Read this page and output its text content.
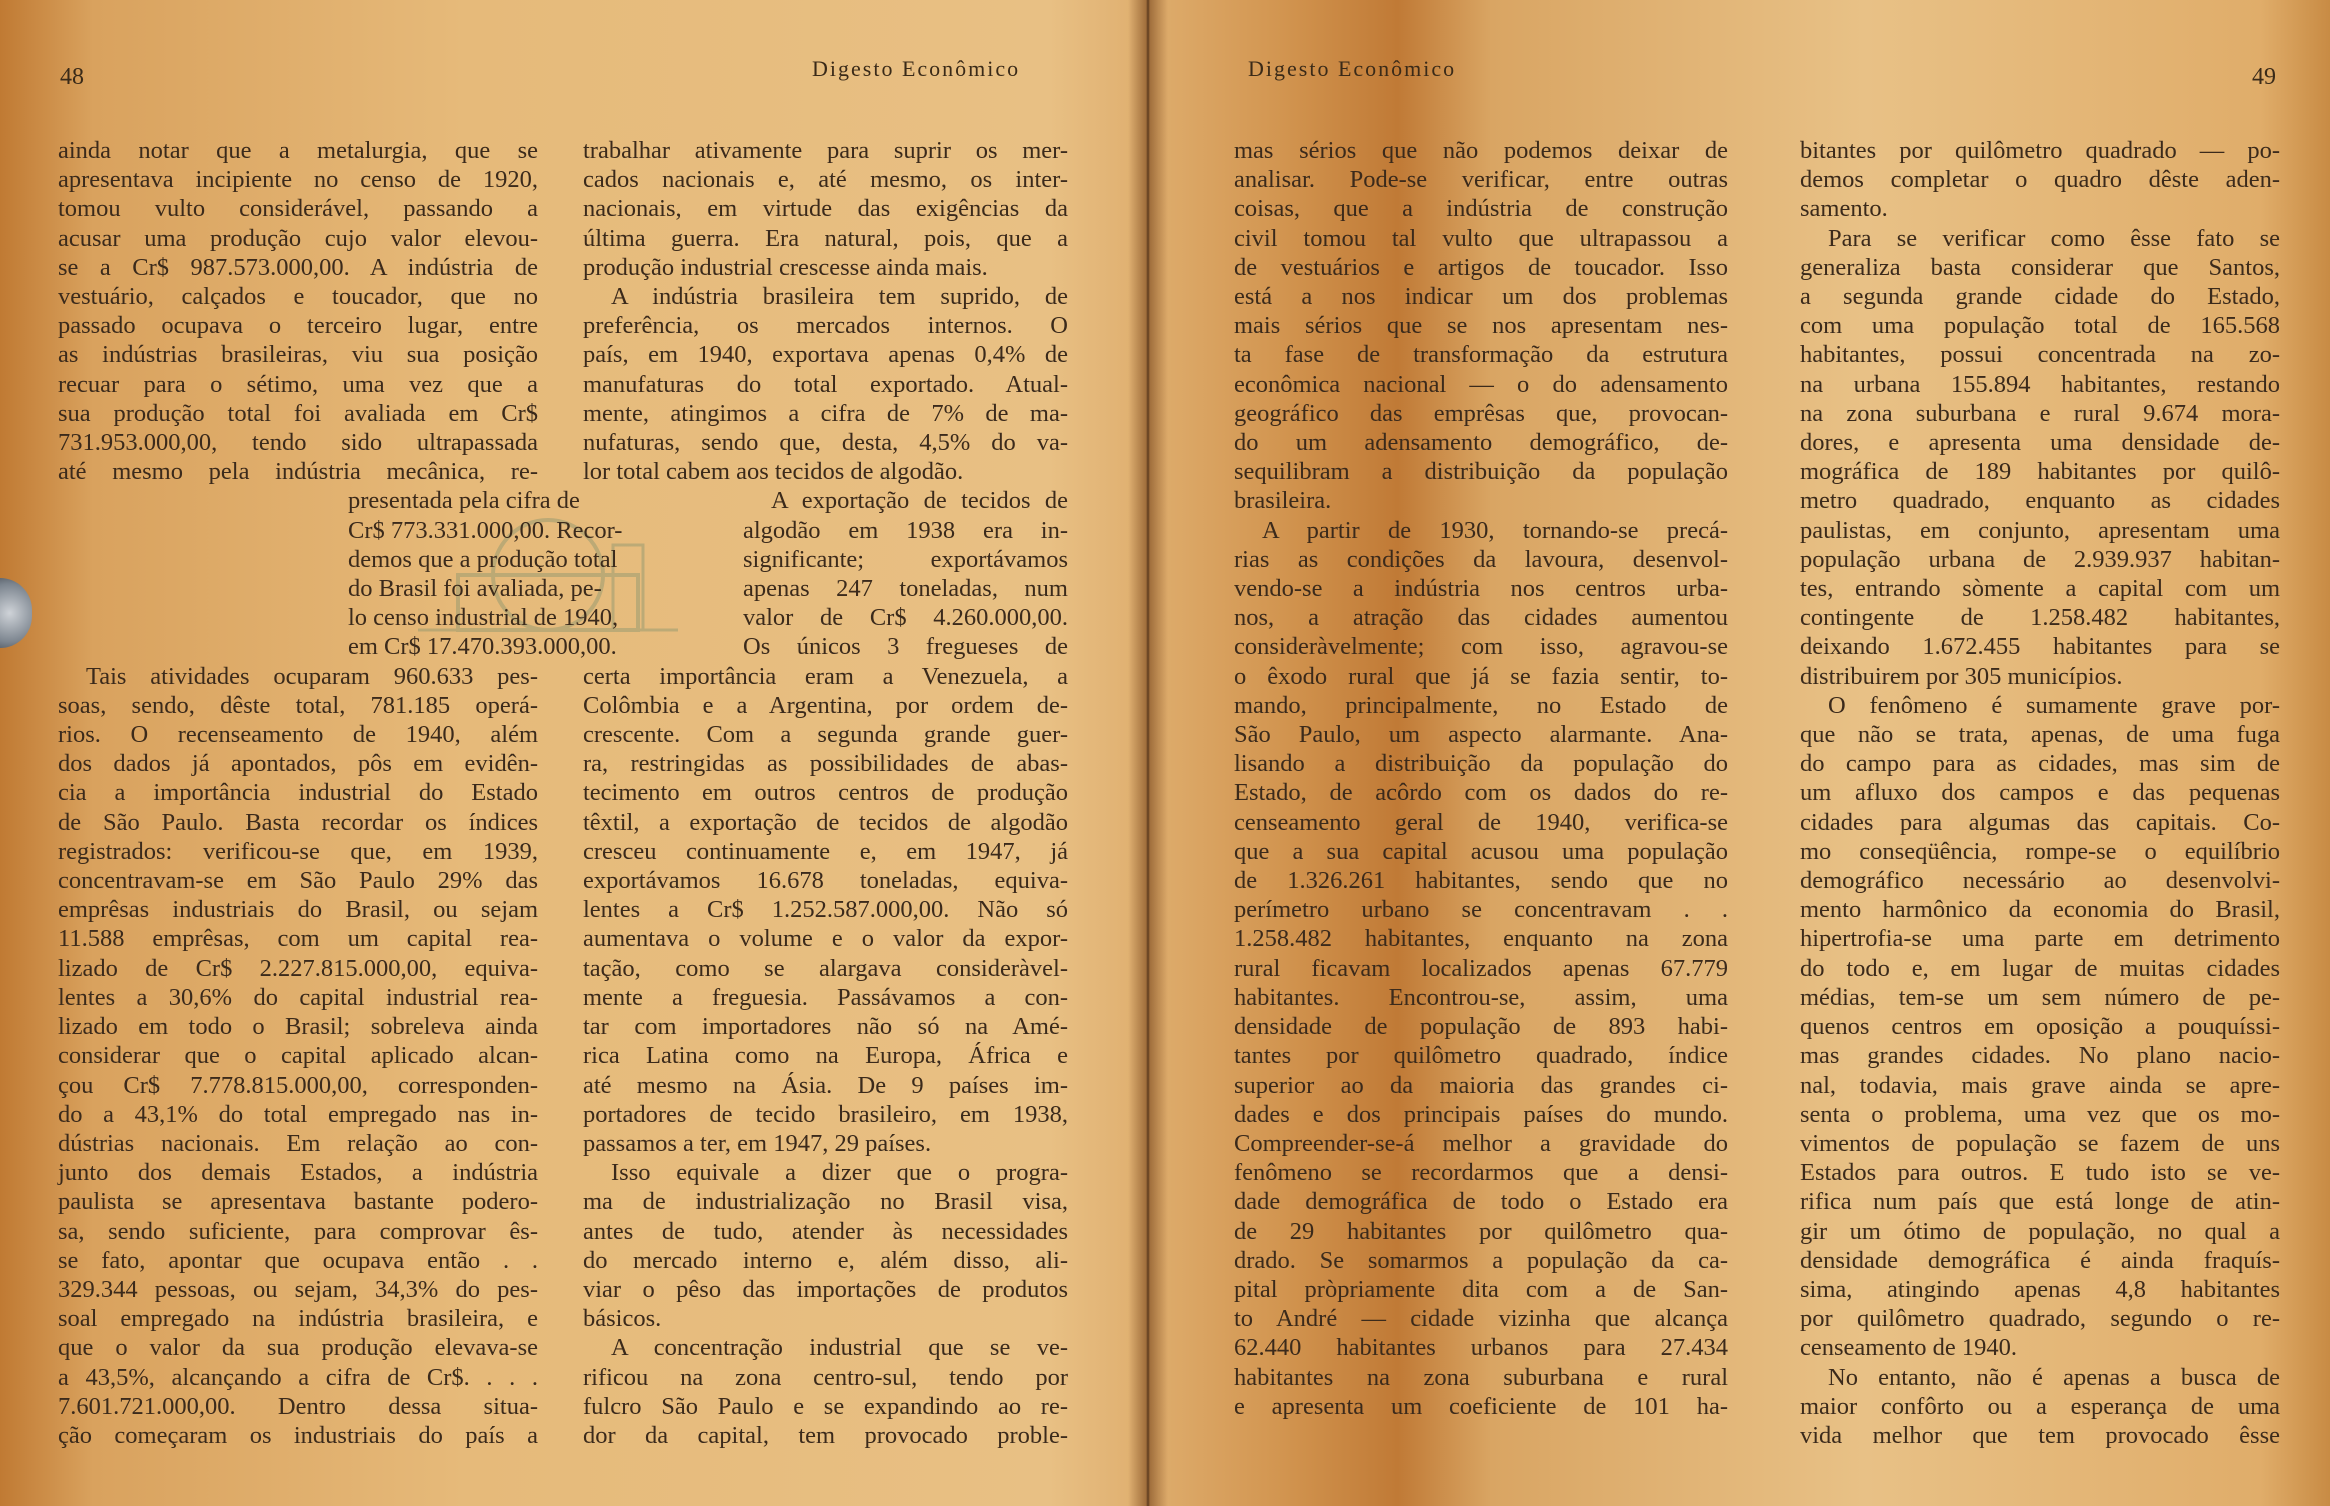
48	Digesto Econômico
ainda notar que a metalurgia, que se
apresentava incipiente no censo de 1920,
tomou vulto considerável, passando a
acusar uma produção cujo valor elevou-
se a Cr$ 987.573.000,00. A indústria de
vestuário, calçados e toucador, que no
passado ocupava o terceiro lugar, entre
as indústrias brasileiras, viu sua posição
recuar para o sétimo, uma vez que a
sua produção total foi avaliada em Cr$
731.953.000,00, tendo sido ultrapassada
até mesmo pela indústria mecânica, re-
presentada pela cifra de
Cr$ 773.331.000,00. Recor-
demos que a produção total
do Brasil foi avaliada, pe-
lo censo industrial de 1940,
em Cr$ 17.470.393.000,00.
Tais atividades ocuparam 960.633 pes-
soas, sendo, dêste total, 781.185 operá-
rios. O recenseamento de 1940, além
dos dados já apontados, pôs em evidên-
cia a importância industrial do Estado
de São Paulo. Basta recordar os índices
registrados: verificou-se que, em 1939,
concentravam-se em São Paulo 29% das
emprêsas industriais do Brasil, ou sejam
11.588 emprêsas, com um capital rea-
lizado de Cr$ 2.227.815.000,00, equiva-
lentes a 30,6% do capital industrial rea-
lizado em todo o Brasil; sobreleva ainda
considerar que o capital aplicado alcan-
çou Cr$ 7.778.815.000,00, corresponden-
do a 43,1% do total empregado nas in-
dústrias nacionais. Em relação ao con-
junto dos demais Estados, a indústria
paulista se apresentava bastante podero-
sa, sendo suficiente, para comprovar ês-
se fato, apontar que ocupava então . .
329.344 pessoas, ou sejam, 34,3% do pes-
soal empregado na indústria brasileira, e
que o valor da sua produção elevava-se
a 43,5%, alcançando a cifra de Cr$. . . .
7.601.721.000,00. Dentro dessa situa-
ção começaram os industriais do país a
trabalhar ativamente para suprir os mer-
cados nacionais e, até mesmo, os inter-
nacionais, em virtude das exigências da
última guerra. Era natural, pois, que a
produção industrial crescesse ainda mais.
A indústria brasileira tem suprido, de
preferência, os mercados internos. O
país, em 1940, exportava apenas 0,4% de
manufaturas do total exportado. Atual-
mente, atingimos a cifra de 7% de ma-
nufaturas, sendo que, desta, 4,5% do va-
lor total cabem aos tecidos de algodão.
A exportação de tecidos de
algodão em 1938 era in-
significante; exportávamos
apenas 247 toneladas, num
valor de Cr$ 4.260.000,00.
Os únicos 3 fregueses de
certa importância eram a Venezuela, a
Colômbia e a Argentina, por ordem de-
crescente. Com a segunda grande guer-
ra, restringidas as possibilidades de abas-
tecimento em outros centros de produção
têxtil, a exportação de tecidos de algodão
cresceu continuamente e, em 1947, já
exportávamos 16.678 toneladas, equiva-
lentes a Cr$ 1.252.587.000,00. Não só
aumentava o volume e o valor da expor-
tação, como se alargava consideràvel-
mente a freguesia. Passávamos a con-
tar com importadores não só na Amé-
rica Latina como na Europa, África e
até mesmo na Ásia. De 9 países im-
portadores de tecido brasileiro, em 1938,
passamos a ter, em 1947, 29 países.
Isso equivale a dizer que o progra-
ma de industrialização no Brasil visa,
antes de tudo, atender às necessidades
do mercado interno e, além disso, ali-
viar o pêso das importações de produtos
básicos.
A concentração industrial que se ve-
rificou na zona centro-sul, tendo por
fulcro São Paulo e se expandindo ao re-
dor da capital, tem provocado proble-
Digesto Econômico	49
mas sérios que não podemos deixar de
analisar. Pode-se verificar, entre outras
coisas, que a indústria de construção
civil tomou tal vulto que ultrapassou a
de vestuários e artigos de toucador. Isso
está a nos indicar um dos problemas
mais sérios que se nos apresentam nes-
ta fase de transformação da estrutura
econômica nacional — o do adensamento
geográfico das emprêsas que, provocan-
do um adensamento demográfico, de-
sequilibram a distribuição da população
brasileira.
A partir de 1930, tornando-se precá-
rias as condições da lavoura, desenvol-
vendo-se a indústria nos centros urba-
nos, a atração das cidades aumentou
consideràvelmente; com isso, agravou-se
o êxodo rural que já se fazia sentir, to-
mando, principalmente, no Estado de
São Paulo, um aspecto alarmante. Ana-
lisando a distribuição da população do
Estado, de acôrdo com os dados do re-
censeamento geral de 1940, verifica-se
que a sua capital acusou uma população
de 1.326.261 habitantes, sendo que no
perímetro urbano se concentravam . .
1.258.482 habitantes, enquanto na zona
rural ficavam localizados apenas 67.779
habitantes. Encontrou-se, assim, uma
densidade de população de 893 habi-
tantes por quilômetro quadrado, índice
superior ao da maioria das grandes ci-
dades e dos principais países do mundo.
Compreender-se-á melhor a gravidade do
fenômeno se recordarmos que a densi-
dade demográfica de todo o Estado era
de 29 habitantes por quilômetro qua-
drado. Se somarmos a população da ca-
pital pròpriamente dita com a de San-
to André — cidade vizinha que alcança
62.440 habitantes urbanos para 27.434
habitantes na zona suburbana e rural
e apresenta um coeficiente de 101 ha-
bitantes por quilômetro quadrado — po-
demos completar o quadro dêste aden-
samento.
Para se verificar como êsse fato se
generaliza basta considerar que Santos,
a segunda grande cidade do Estado,
com uma população total de 165.568
habitantes, possui concentrada na zo-
na urbana 155.894 habitantes, restando
na zona suburbana e rural 9.674 mora-
dores, e apresenta uma densidade de-
mográfica de 189 habitantes por quilô-
metro quadrado, enquanto as cidades
paulistas, em conjunto, apresentam uma
população urbana de 2.939.937 habitan-
tes, entrando sòmente a capital com um
contingente de 1.258.482 habitantes,
deixando 1.672.455 habitantes para se
distribuirem por 305 municípios.
O fenômeno é sumamente grave por-
que não se trata, apenas, de uma fuga
do campo para as cidades, mas sim de
um afluxo dos campos e das pequenas
cidades para algumas das capitais. Co-
mo conseqüência, rompe-se o equilíbrio
demográfico necessário ao desenvolvi-
mento harmônico da economia do Brasil,
hipertrofia-se uma parte em detrimento
do todo e, em lugar de muitas cidades
médias, tem-se um sem número de pe-
quenos centros em oposição a pouquíssi-
mas grandes cidades. No plano nacio-
nal, todavia, mais grave ainda se apre-
senta o problema, uma vez que os mo-
vimentos de população se fazem de uns
Estados para outros. E tudo isto se ve-
rifica num país que está longe de atin-
gir um ótimo de população, no qual a
densidade demográfica é ainda fraquís-
sima, atingindo apenas 4,8 habitantes
por quilômetro quadrado, segundo o re-
censeamento de 1940.
No entanto, não é apenas a busca de
maior confôrto ou a esperança de uma
vida melhor que tem provocado êsse
